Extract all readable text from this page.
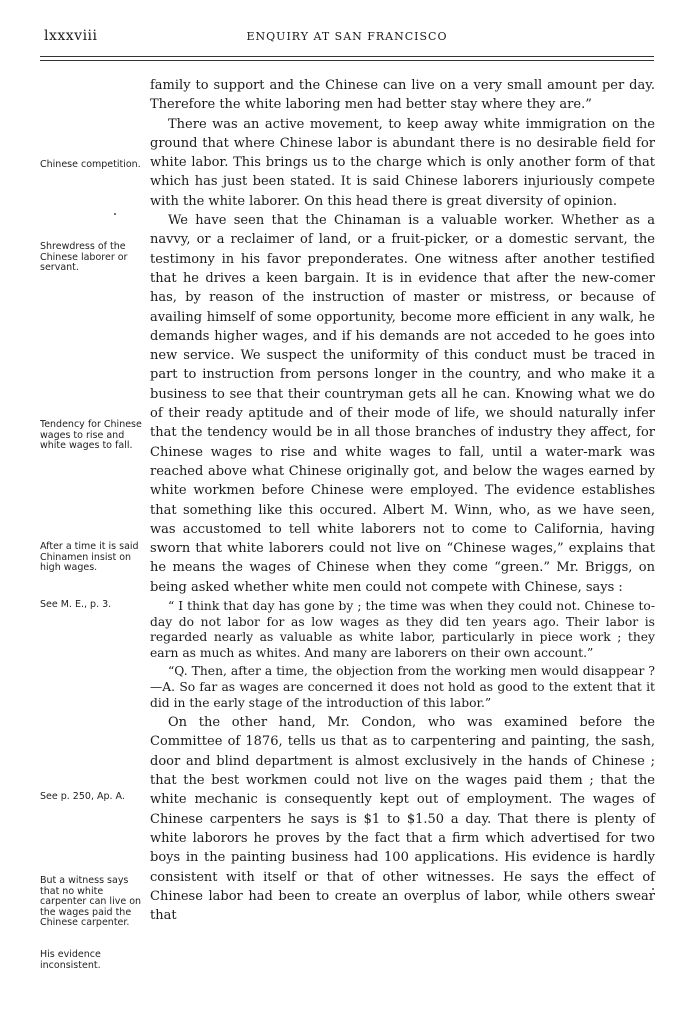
lxxxviii	ENQUIRY AT SAN FRANCISCO
Chinese competition.
Shrewdress of the Chinese laborer or servant.
Tendency for Chinese wages to rise and white wages to fall.
After a time it is said Chinamen insist on high wages.
See M. E., p. 3.
See p. 250, Ap. A.
But a witness says that no white carpenter can live on the wages paid the Chinese carpenter.
His evidence inconsistent.

family to support and the Chinese can live on a very small amount per day. Therefore the white laboring men had better stay where they are.”

There was an active movement, to keep away white immigration on the ground that where Chinese labor is abundant there is no desirable field for white labor. This brings us to the charge which is only another form of that which has just been stated. It is said Chinese laborers injuriously compete with the white laborer. On this head there is great diversity of opinion.

We have seen that the Chinaman is a valuable worker. Whether as a navvy, or a reclaimer of land, or a fruit-picker, or a domestic servant, the testimony in his favor preponderates. One witness after another testified that he drives a keen bargain. It is in evidence that after the new-comer has, by reason of the instruction of master or mistress, or because of availing himself of some opportunity, become more efficient in any walk, he demands higher wages, and if his demands are not acceded to he goes into new service. We suspect the uniformity of this conduct must be traced in part to instruction from persons longer in the country, and who make it a business to see that their countryman gets all he can. Knowing what we do of their ready aptitude and of their mode of life, we should naturally infer that the tendency would be in all those branches of industry they affect, for Chinese wages to rise and white wages to fall, until a water-mark was reached above what Chinese originally got, and below the wages earned by white workmen before Chinese were employed. The evidence establishes that something like this occured. Albert M. Winn, who, as we have seen, was accustomed to tell white laborers not to come to California, having sworn that white laborers could not live on “Chinese wages,” explains that he means the wages of Chinese when they come “green.” Mr. Briggs, on being asked whether white men could not compete with Chinese, says :

“ I think that day has gone by ; the time was when they could not. Chinese to-day do not labor for as low wages as they did ten years ago. Their labor is regarded nearly as valuable as white labor, particularly in piece work ; they earn as much as whites. And many are laborers on their own account.”

“Q. Then, after a time, the objection from the working men would disappear ?—A. So far as wages are concerned it does not hold as good to the extent that it did in the early stage of the introduction of this labor.”

On the other hand, Mr. Condon, who was examined before the Committee of 1876, tells us that as to carpentering and painting, the sash, door and blind department is almost exclusively in the hands of Chinese ; that the best workmen could not live on the wages paid them ; that the white mechanic is consequently kept out of employment. The wages of Chinese carpenters he says is $1 to $1.50 a day. That there is plenty of white laborors he proves by the fact that a firm which advertised for two boys in the painting business had 100 applications. His evidence is hardly consistent with itself or that of other witnesses. He says the effect of Chinese labor had been to create an overplus of labor, while others swear that
